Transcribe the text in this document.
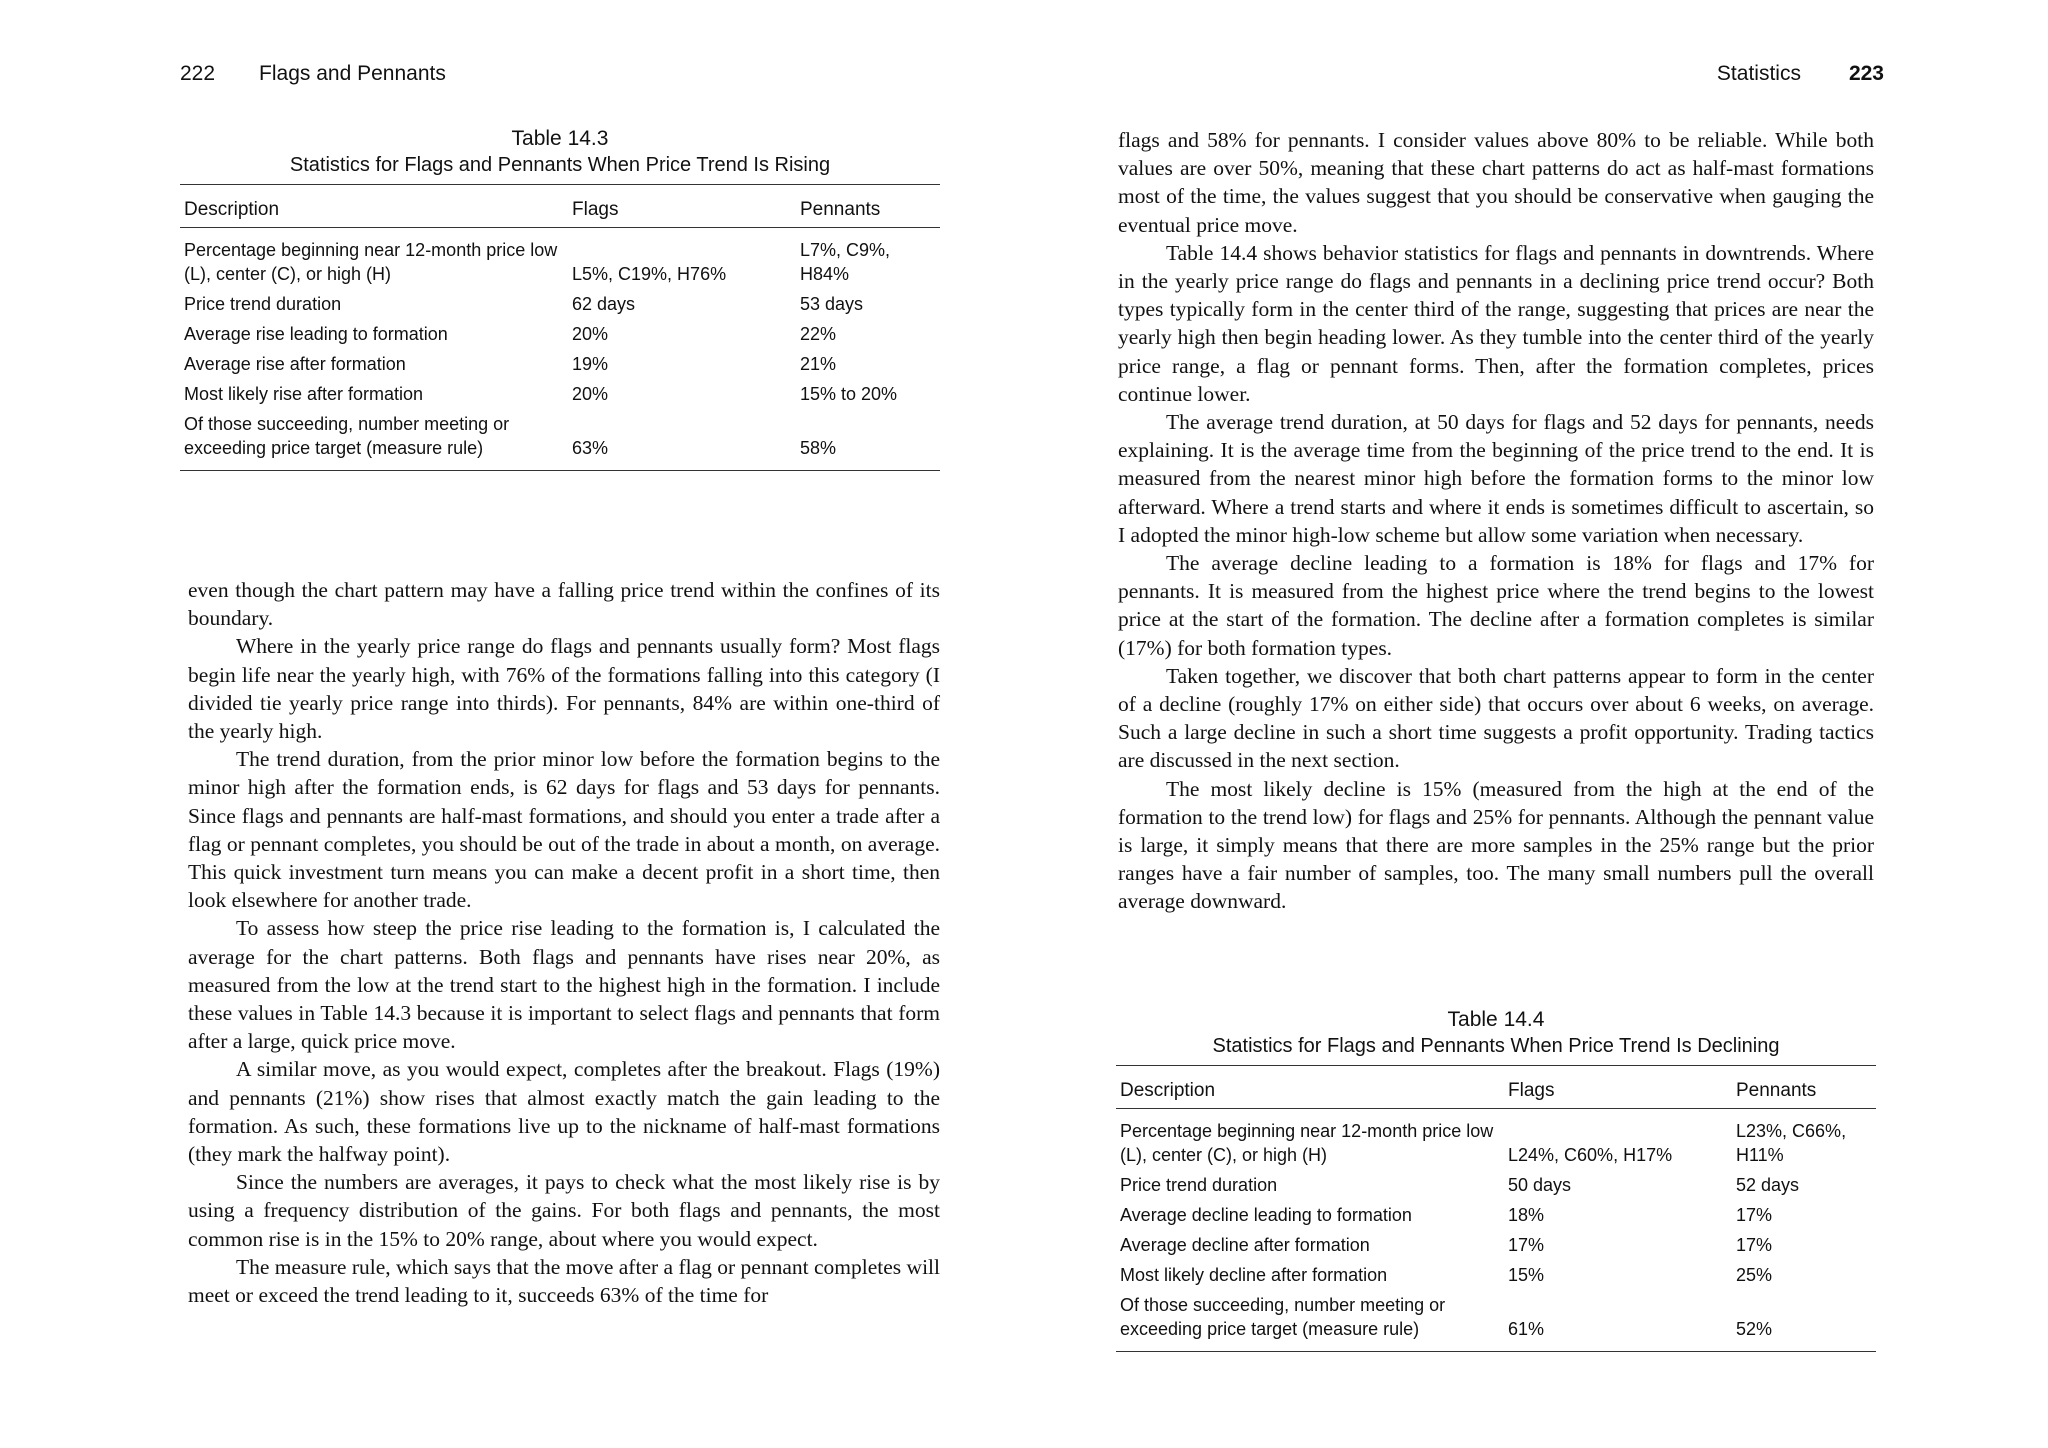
222 Flags and Pennants
Table 14.3
Statistics for Flags and Pennants When Price Trend Is Rising
Description	Flags	Pennants
Percentage beginning near 12-month price low (L), center (C), or high (H)	L5%, C19%, H76%	L7%, C9%, H84%
Price trend duration	62 days	53 days
Average rise leading to formation	20%	22%
Average rise after formation	19%	21%
Most likely rise after formation	20%	15% to 20%
Of those succeeding, number meeting or exceeding price target (measure rule)	63%	58%

even though the chart pattern may have a falling price trend within the confines of its boundary.

Where in the yearly price range do flags and pennants usually form? Most flags begin life near the yearly high, with 76% of the formations falling into this category (I divided tie yearly price range into thirds). For pennants, 84% are within one-third of the yearly high.

The trend duration, from the prior minor low before the formation begins to the minor high after the formation ends, is 62 days for flags and 53 days for pennants. Since flags and pennants are half-mast formations, and should you enter a trade after a flag or pennant completes, you should be out of the trade in about a month, on average. This quick investment turn means you can make a decent profit in a short time, then look elsewhere for another trade.

To assess how steep the price rise leading to the formation is, I calculated the average for the chart patterns. Both flags and pennants have rises near 20%, as measured from the low at the trend start to the highest high in the formation. I include these values in Table 14.3 because it is important to select flags and pennants that form after a large, quick price move.

A similar move, as you would expect, completes after the breakout. Flags (19%) and pennants (21%) show rises that almost exactly match the gain leading to the formation. As such, these formations live up to the nickname of half-mast formations (they mark the halfway point).

Since the numbers are averages, it pays to check what the most likely rise is by using a frequency distribution of the gains. For both flags and pennants, the most common rise is in the 15% to 20% range, about where you would expect.

The measure rule, which says that the move after a flag or pennant completes will meet or exceed the trend leading to it, succeeds 63% of the time for

Statistics 223

flags and 58% for pennants. I consider values above 80% to be reliable. While both values are over 50%, meaning that these chart patterns do act as half-mast formations most of the time, the values suggest that you should be conservative when gauging the eventual price move.

Table 14.4 shows behavior statistics for flags and pennants in downtrends. Where in the yearly price range do flags and pennants in a declining price trend occur? Both types typically form in the center third of the range, suggesting that prices are near the yearly high then begin heading lower. As they tumble into the center third of the yearly price range, a flag or pennant forms. Then, after the formation completes, prices continue lower.

The average trend duration, at 50 days for flags and 52 days for pennants, needs explaining. It is the average time from the beginning of the price trend to the end. It is measured from the nearest minor high before the formation forms to the minor low afterward. Where a trend starts and where it ends is sometimes difficult to ascertain, so I adopted the minor high-low scheme but allow some variation when necessary.

The average decline leading to a formation is 18% for flags and 17% for pennants. It is measured from the highest price where the trend begins to the lowest price at the start of the formation. The decline after a formation completes is similar (17%) for both formation types.

Taken together, we discover that both chart patterns appear to form in the center of a decline (roughly 17% on either side) that occurs over about 6 weeks, on average. Such a large decline in such a short time suggests a profit opportunity. Trading tactics are discussed in the next section.

The most likely decline is 15% (measured from the high at the end of the formation to the trend low) for flags and 25% for pennants. Although the pennant value is large, it simply means that there are more samples in the 25% range but the prior ranges have a fair number of samples, too. The many small numbers pull the overall average downward.

Table 14.4
Statistics for Flags and Pennants When Price Trend Is Declining
Description	Flags	Pennants
Percentage beginning near 12-month price low (L), center (C), or high (H)	L24%, C60%, H17%	L23%, C66%, H11%
Price trend duration	50 days	52 days
Average decline leading to formation	18%	17%
Average decline after formation	17%	17%
Most likely decline after formation	15%	25%
Of those succeeding, number meeting or exceeding price target (measure rule)	61%	52%
